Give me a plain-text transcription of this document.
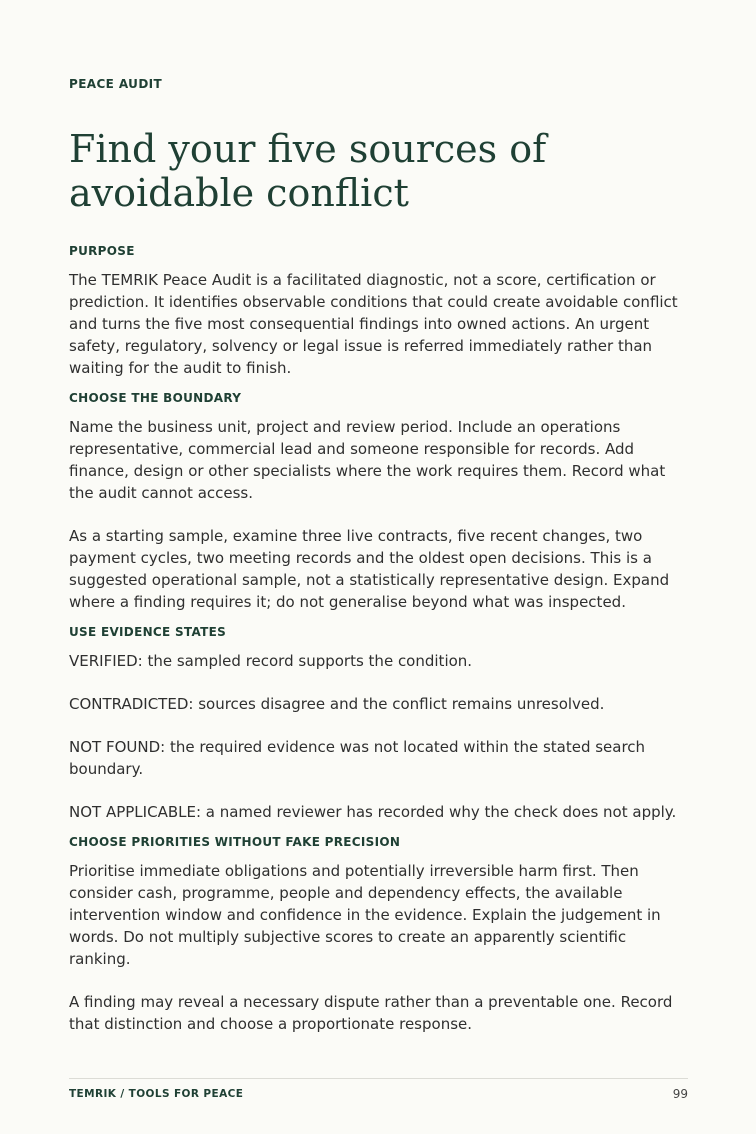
PEACE AUDIT
Find your five sources of avoidable conflict
PURPOSE

The TEMRIK Peace Audit is a facilitated diagnostic, not a score, certification or prediction. It identifies observable conditions that could create avoidable conflict and turns the five most consequential findings into owned actions. An urgent safety, regulatory, solvency or legal issue is referred immediately rather than waiting for the audit to finish.

CHOOSE THE BOUNDARY

Name the business unit, project and review period. Include an operations representative, commercial lead and someone responsible for records. Add finance, design or other specialists where the work requires them. Record what the audit cannot access.

As a starting sample, examine three live contracts, five recent changes, two payment cycles, two meeting records and the oldest open decisions. This is a suggested operational sample, not a statistically representative design. Expand where a finding requires it; do not generalise beyond what was inspected.

USE EVIDENCE STATES

VERIFIED: the sampled record supports the condition.

CONTRADICTED: sources disagree and the conflict remains unresolved.

NOT FOUND: the required evidence was not located within the stated search boundary.

NOT APPLICABLE: a named reviewer has recorded why the check does not apply.

CHOOSE PRIORITIES WITHOUT FAKE PRECISION

Prioritise immediate obligations and potentially irreversible harm first. Then consider cash, programme, people and dependency effects, the available intervention window and confidence in the evidence. Explain the judgement in words. Do not multiply subjective scores to create an apparently scientific ranking.

A finding may reveal a necessary dispute rather than a preventable one. Record that distinction and choose a proportionate response.

TEMRIK / TOOLS FOR PEACE	99
